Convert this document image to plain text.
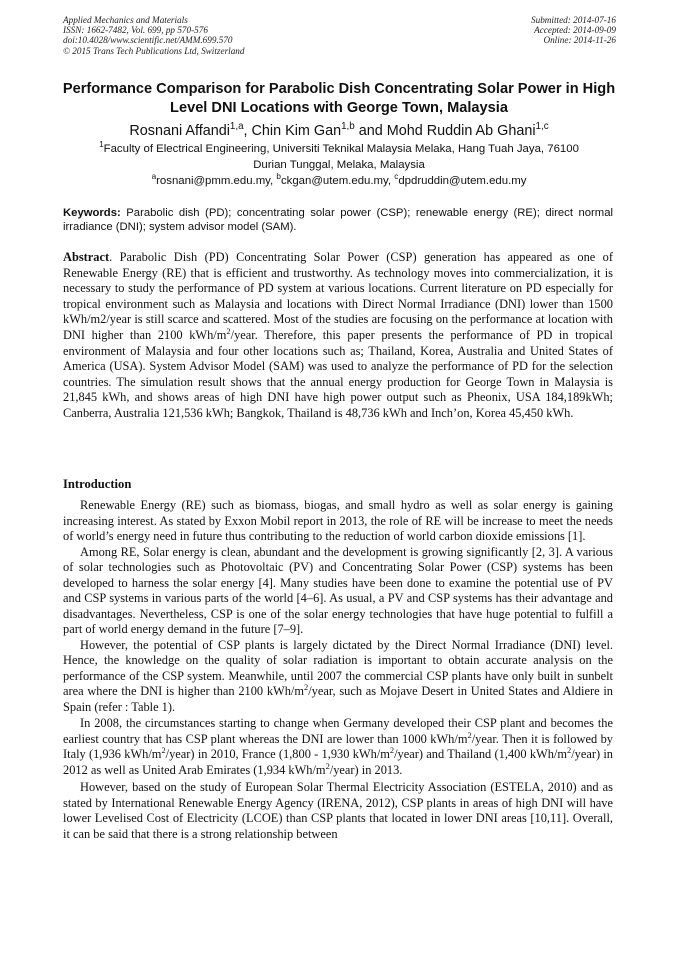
Applied Mechanics and Materials
ISSN: 1662-7482, Vol. 699, pp 570-576
doi:10.4028/www.scientific.net/AMM.699.570
© 2015 Trans Tech Publications Ltd, Switzerland
Submitted: 2014-07-16
Accepted: 2014-09-09
Online: 2014-11-26
Performance Comparison for Parabolic Dish Concentrating Solar Power in High Level DNI Locations with George Town, Malaysia
Rosnani Affandi$^{1,a}$, Chin Kim Gan$^{1,b}$ and Mohd Ruddin Ab Ghani$^{1,c}$
$^1$Faculty of Electrical Engineering, Universiti Teknikal Malaysia Melaka, Hang Tuah Jaya, 76100
Durian Tunggal, Melaka, Malaysia
$^a$rosnani@pmm.edu.my, $^b$ckgan@utem.edu.my, $^c$dpdruddin@utem.edu.my
Keywords: Parabolic dish (PD); concentrating solar power (CSP); renewable energy (RE); direct normal irradiance (DNI); system advisor model (SAM).
Abstract. Parabolic Dish (PD) Concentrating Solar Power (CSP) generation has appeared as one of Renewable Energy (RE) that is efficient and trustworthy. As technology moves into commercialization, it is necessary to study the performance of PD system at various locations. Current literature on PD especially for tropical environment such as Malaysia and locations with Direct Normal Irradiance (DNI) lower than 1500 kWh/m2/year is still scarce and scattered. Most of the studies are focusing on the performance at location with DNI higher than 2100 kWh/$m^2$/year. Therefore, this paper presents the performance of PD in tropical environment of Malaysia and four other locations such as; Thailand, Korea, Australia and United States of America (USA). System Advisor Model (SAM) was used to analyze the performance of PD for the selection countries. The simulation result shows that the annual energy production for George Town in Malaysia is 21,845 kWh, and shows areas of high DNI have high power output such as Pheonix, USA 184,189kWh; Canberra, Australia 121,536 kWh; Bangkok, Thailand is 48,736 kWh and Inch’on, Korea 45,450 kWh.
Introduction

Renewable Energy (RE) such as biomass, biogas, and small hydro as well as solar energy is gaining increasing interest. As stated by Exxon Mobil report in 2013, the role of RE will be increase to meet the needs of world’s energy need in future thus contributing to the reduction of world carbon dioxide emissions [1].

Among RE, Solar energy is clean, abundant and the development is growing significantly [2, 3]. A various of solar technologies such as Photovoltaic (PV) and Concentrating Solar Power (CSP) systems has been developed to harness the solar energy [4]. Many studies have been done to examine the potential use of PV and CSP systems in various parts of the world [4–6]. As usual, a PV and CSP systems has their advantage and disadvantages. Nevertheless, CSP is one of the solar energy technologies that have huge potential to fulfill a part of world energy demand in the future [7–9].

However, the potential of CSP plants is largely dictated by the Direct Normal Irradiance (DNI) level. Hence, the knowledge on the quality of solar radiation is important to obtain accurate analysis on the performance of the CSP system. Meanwhile, until 2007 the commercial CSP plants have only built in sunbelt area where the DNI is higher than 2100 kWh/$m^2$/year, such as Mojave Desert in United States and Aldiere in Spain (refer : Table 1).

In 2008, the circumstances starting to change when Germany developed their CSP plant and becomes the earliest country that has CSP plant whereas the DNI are lower than 1000 kWh/$m^2$/year. Then it is followed by Italy (1,936 kWh/$m^2/year$) in 2010, France (1,800 - 1,930 kWh/$m^2/year$) and Thailand (1,400 kWh/$m^2/year$) in 2012 as well as United Arab Emirates (1,934 kWh/$m^2/year$) in 2013.

However, based on the study of European Solar Thermal Electricity Association (ESTELA, 2010) and as stated by International Renewable Energy Agency (IRENA, 2012), CSP plants in areas of high DNI will have lower Levelised Cost of Electricity (LCOE) than CSP plants that located in lower DNI areas [10,11]. Overall, it can be said that there is a strong relationship between
